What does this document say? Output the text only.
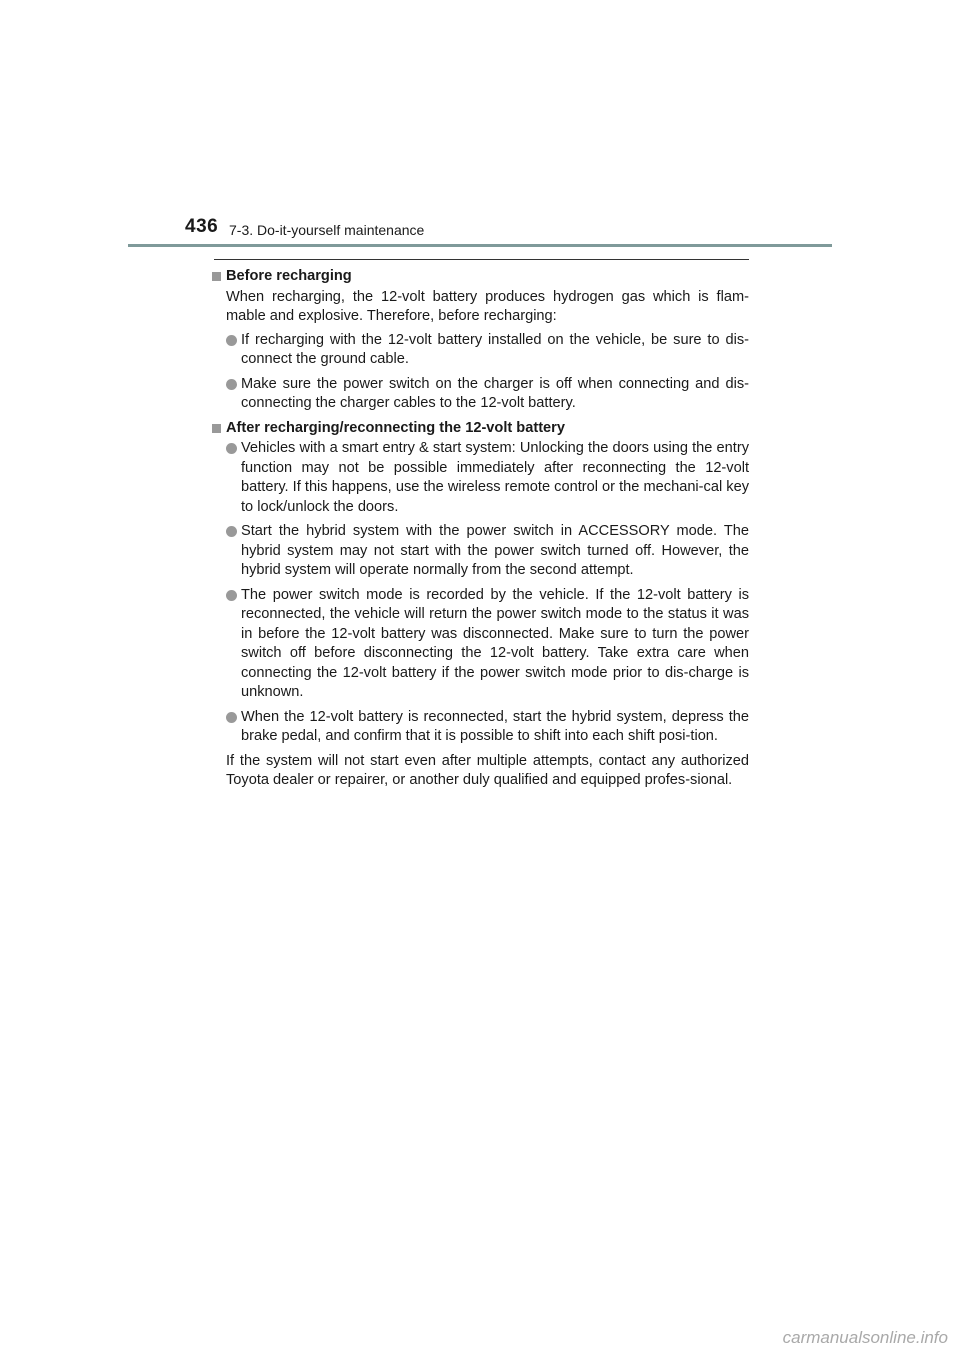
436 7-3. Do-it-yourself maintenance
Before recharging
When recharging, the 12-volt battery produces hydrogen gas which is flam-mable and explosive. Therefore, before recharging:
If recharging with the 12-volt battery installed on the vehicle, be sure to dis-connect the ground cable.
Make sure the power switch on the charger is off when connecting and dis-connecting the charger cables to the 12-volt battery.
After recharging/reconnecting the 12-volt battery
Vehicles with a smart entry & start system: Unlocking the doors using the entry function may not be possible immediately after reconnecting the 12-volt battery. If this happens, use the wireless remote control or the mechani-cal key to lock/unlock the doors.
Start the hybrid system with the power switch in ACCESSORY mode. The hybrid system may not start with the power switch turned off. However, the hybrid system will operate normally from the second attempt.
The power switch mode is recorded by the vehicle. If the 12-volt battery is reconnected, the vehicle will return the power switch mode to the status it was in before the 12-volt battery was disconnected. Make sure to turn the power switch off before disconnecting the 12-volt battery. Take extra care when connecting the 12-volt battery if the power switch mode prior to dis-charge is unknown.
When the 12-volt battery is reconnected, start the hybrid system, depress the brake pedal, and confirm that it is possible to shift into each shift posi-tion.
If the system will not start even after multiple attempts, contact any authorized Toyota dealer or repairer, or another duly qualified and equipped profes-sional.
carmanualsonline.info
